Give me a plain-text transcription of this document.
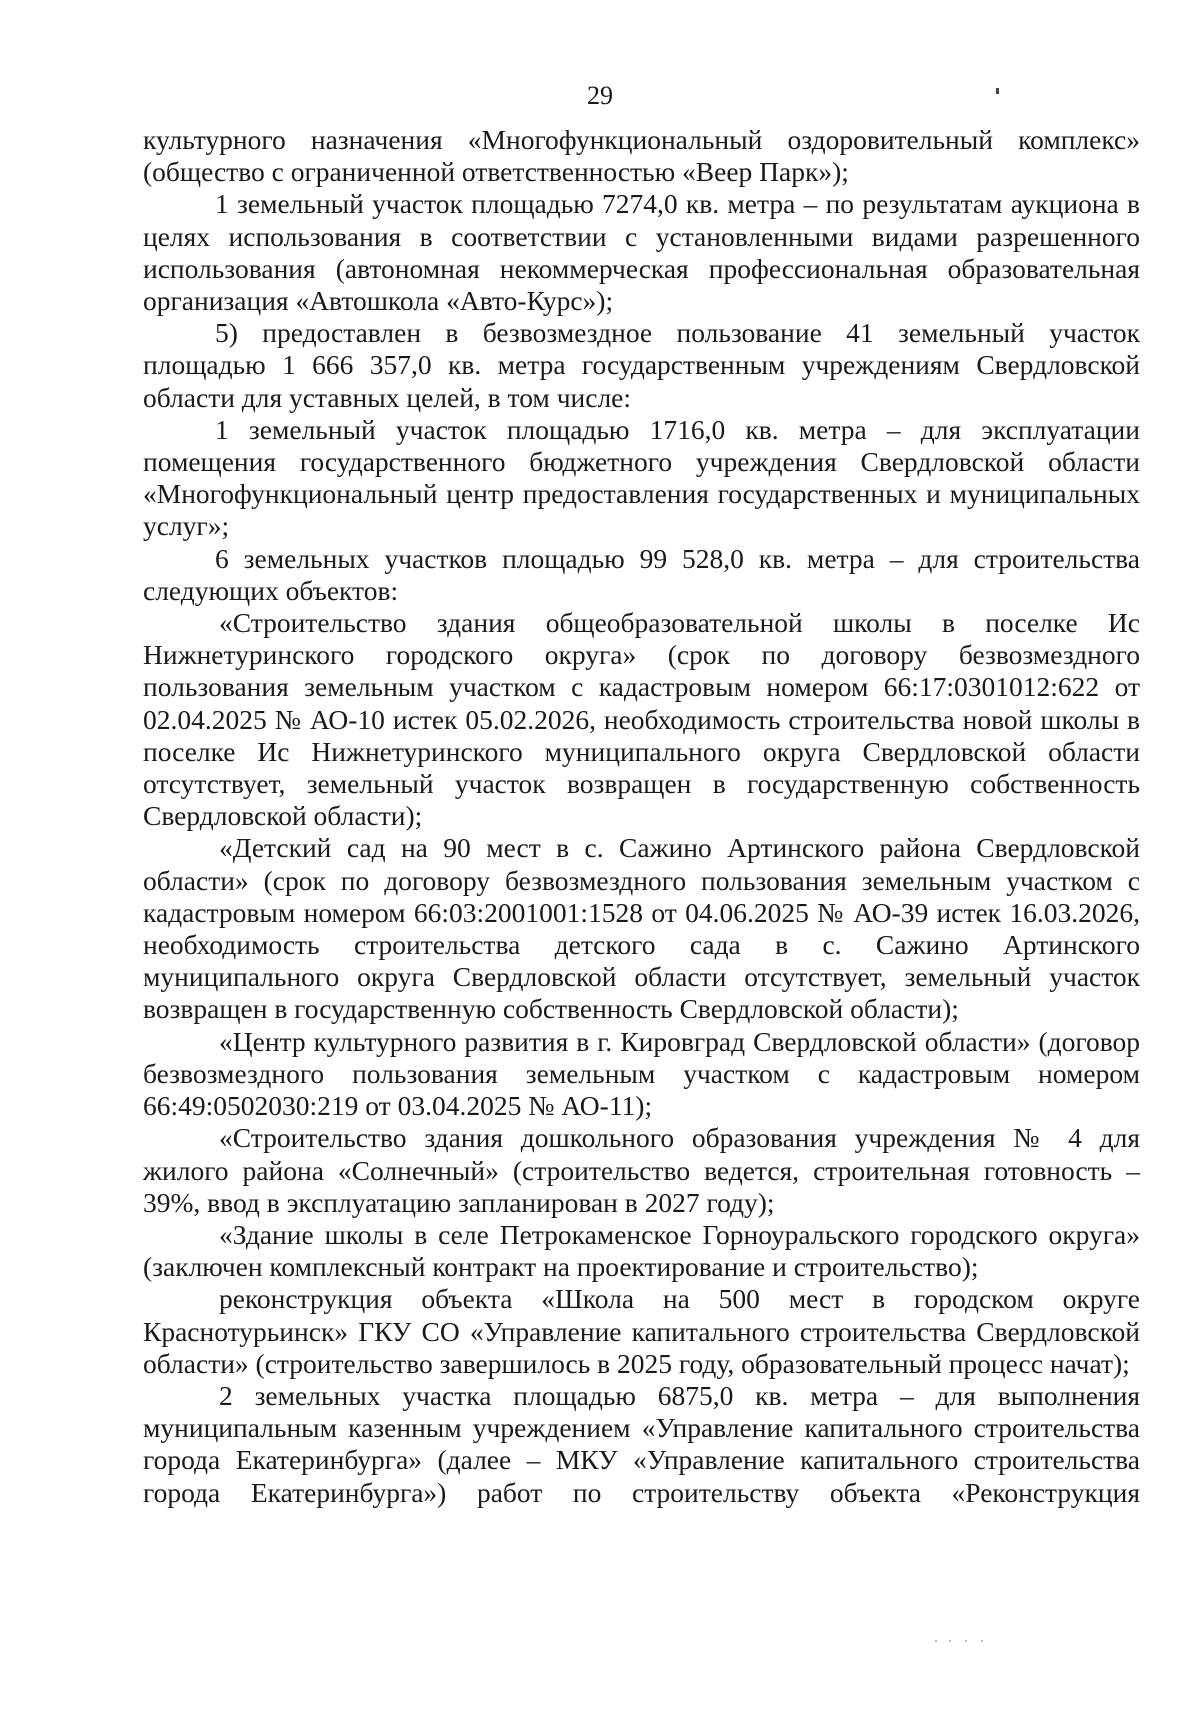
29

культурного назначения «Многофункциональный оздоровительный комплекс» (общество с ограниченной ответственностью «Веер Парк»);

1 земельный участок площадью 7274,0 кв. метра – по результатам аукциона в целях использования в соответствии с установленными видами разрешенного использования (автономная некоммерческая профессиональная образовательная организация «Автошкола «Авто-Курс»);

5) предоставлен в безвозмездное пользование 41 земельный участок площадью 1 666 357,0 кв. метра государственным учреждениям Свердловской области для уставных целей, в том числе:

1 земельный участок площадью 1716,0 кв. метра – для эксплуатации помещения государственного бюджетного учреждения Свердловской области «Многофункциональный центр предоставления государственных и муниципальных услуг»;

6 земельных участков площадью 99 528,0 кв. метра – для строительства следующих объектов:

«Строительство здания общеобразовательной школы в поселке Ис Нижнетуринского городского округа» (срок по договору безвозмездного пользования земельным участком с кадастровым номером 66:17:0301012:622 от 02.04.2025 № АО-10 истек 05.02.2026, необходимость строительства новой школы в поселке Ис Нижнетуринского муниципального округа Свердловской области отсутствует, земельный участок возвращен в государственную собственность Свердловской области);

«Детский сад на 90 мест в с. Сажино Артинского района Свердловской области» (срок по договору безвозмездного пользования земельным участком с кадастровым номером 66:03:2001001:1528 от 04.06.2025 № АО-39 истек 16.03.2026, необходимость строительства детского сада в с. Сажино Артинского муниципального округа Свердловской области отсутствует, земельный участок возвращен в государственную собственность Свердловской области);

«Центр культурного развития в г. Кировград Свердловской области» (договор безвозмездного пользования земельным участком с кадастровым номером 66:49:0502030:219 от 03.04.2025 № АО-11);

«Строительство здания дошкольного образования учреждения № 4 для жилого района «Солнечный» (строительство ведется, строительная готовность – 39%, ввод в эксплуатацию запланирован в 2027 году);

«Здание школы в селе Петрокаменское Горноуральского городского округа» (заключен комплексный контракт на проектирование и строительство);

реконструкция объекта «Школа на 500 мест в городском округе Краснотурьинск» ГКУ СО «Управление капитального строительства Свердловской области» (строительство завершилось в 2025 году, образовательный процесс начат);

2 земельных участка площадью 6875,0 кв. метра – для выполнения муниципальным казенным учреждением «Управление капитального строительства города Екатеринбурга» (далее – МКУ «Управление капитального строительства города Екатеринбурга») работ по строительству объекта «Реконструкция
